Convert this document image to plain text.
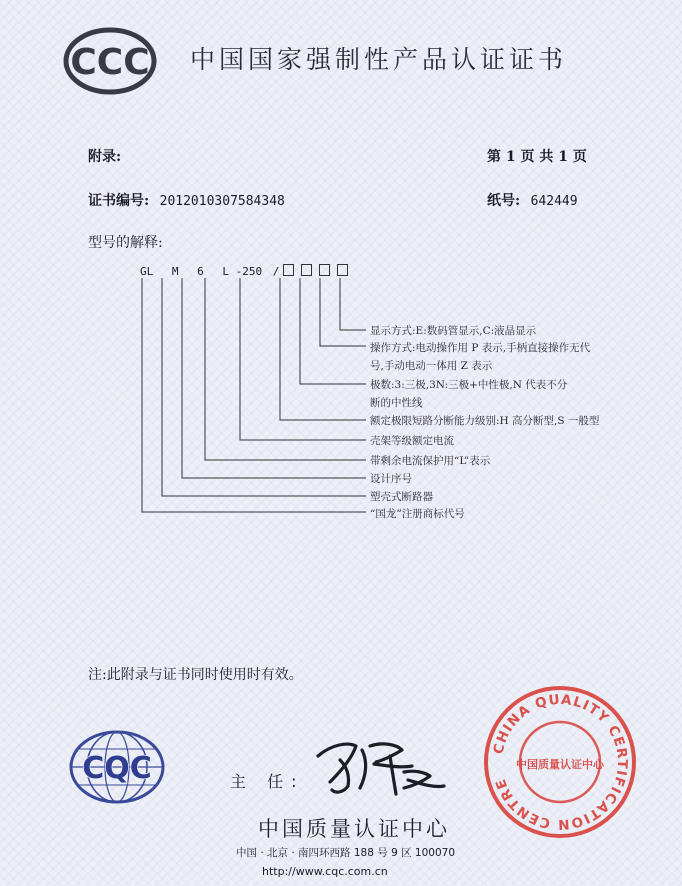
CCC 中国国家强制性产品认证证书
附录:	第 1 页 共 1 页
证书编号: 2012010307584348	纸号: 642449
型号的解释:
GL M 6 L -250 /
显示方式:E:数码管显示,C:液晶显示
操作方式:电动操作用 P 表示,手柄直接操作无代
号,手动电动一体用 Z 表示
极数:3:三极,3N:三极+中性极,N 代表不分
断的中性线
额定极限短路分断能力级别:H 高分断型,S 一般型
壳架等级额定电流
带剩余电流保护用“L”表示
设计序号
塑壳式断路器
“国龙”注册商标代号
注:此附录与证书同时使用时有效。
CQC	主 任:
中国质量认证中心
中国 · 北京 · 南四环西路 188 号 9 区 100070
http://www.cqc.com.cn
CHINA QUALITY CERTIFICATION CENTRE
中国质量认证中心
